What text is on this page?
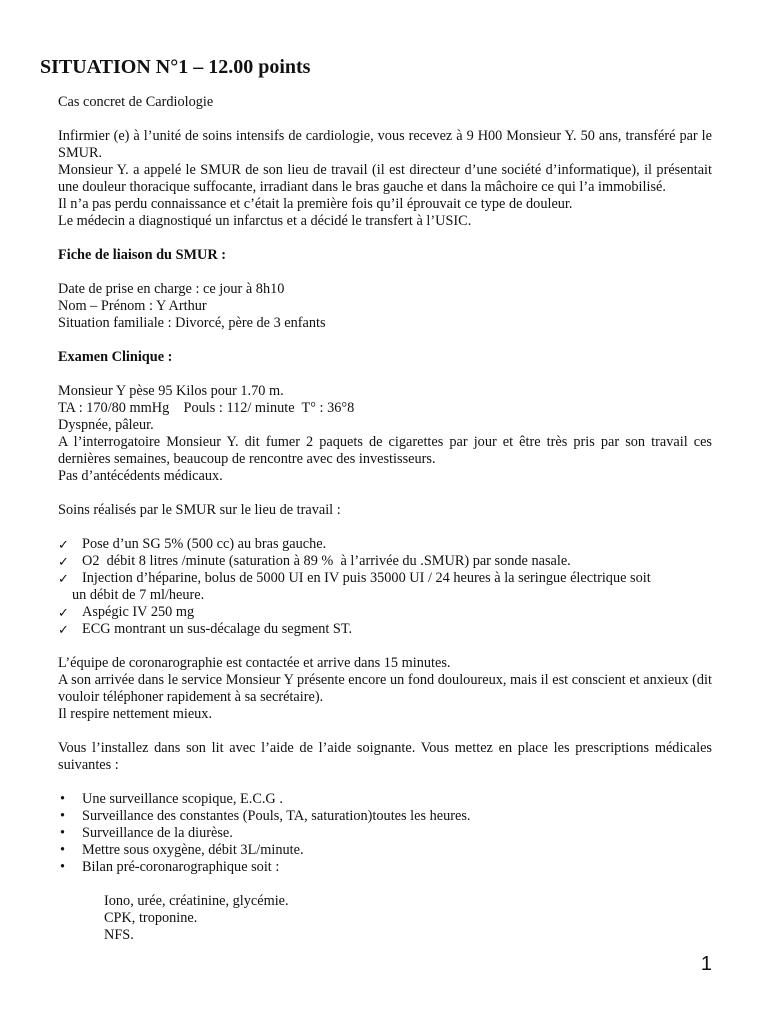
SITUATION N°1 – 12.00 points

Cas concret de Cardiologie

Infirmier (e) à l’unité de soins intensifs de cardiologie, vous recevez à 9 H00 Monsieur Y. 50 ans, transféré par le SMUR.

Monsieur Y. a appelé le SMUR de son lieu de travail (il est directeur d’une société d’informatique), il présentait une douleur thoracique suffocante, irradiant dans le bras gauche et dans la mâchoire ce qui l’a immobilisé.

Il n’a pas perdu connaissance et c’était la première fois qu’il éprouvait ce type de douleur.

Le médecin a diagnostiqué un infarctus et a décidé le transfert à l’USIC.

Fiche de liaison du SMUR :

Date de prise en charge : ce jour à 8h10

Nom – Prénom : Y Arthur

Situation familiale : Divorcé, père de 3 enfants

Examen Clinique :

Monsieur Y pèse 95 Kilos pour 1.70 m.

TA : 170/80 mmHg    Pouls : 112/ minute  T° : 36°8

Dyspnée, pâleur.

A l’interrogatoire Monsieur Y. dit fumer 2 paquets de cigarettes par jour et être très pris par son travail ces dernières semaines, beaucoup de rencontre avec des investisseurs.

Pas d’antécédents médicaux.

Soins réalisés par le SMUR sur le lieu de travail :

✓ Pose d’un SG 5% (500 cc) au bras gauche.
✓ O2  débit 8 litres /minute (saturation à 89 %  à l’arrivée du .SMUR) par sonde nasale.
✓ Injection d’héparine, bolus de 5000 UI en IV puis 35000 UI / 24 heures à la seringue électrique soit
un débit de 7 ml/heure.
✓ Aspégic IV 250 mg
✓ ECG montrant un sus-décalage du segment ST.

L’équipe de coronarographie est contactée et arrive dans 15 minutes.

A son arrivée dans le service Monsieur Y présente encore un fond douloureux, mais il est conscient et anxieux (dit vouloir téléphoner rapidement à sa secrétaire).

Il respire nettement mieux.

Vous l’installez dans son lit avec l’aide de l’aide soignante. Vous mettez en place les prescriptions médicales suivantes :

• Une surveillance scopique, E.C.G .
• Surveillance des constantes (Pouls, TA, saturation)toutes les heures.
• Surveillance de la diurèse.
• Mettre sous oxygène, débit 3L/minute.
• Bilan pré-coronarographique soit :

Iono, urée, créatinine, glycémie.

CPK, troponine.

NFS.

1
